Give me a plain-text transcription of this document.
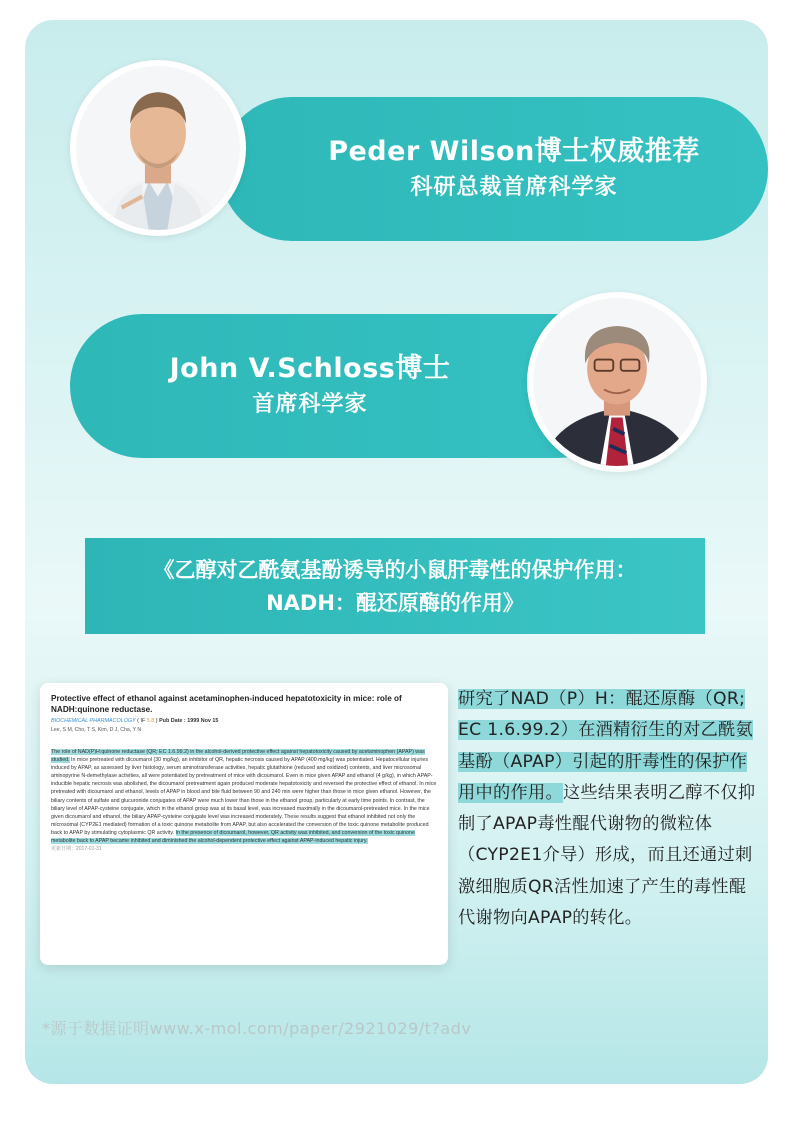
Peder Wilson博士权威推荐
科研总裁首席科学家
John V.Schloss博士
首席科学家
《乙醇对乙酰氨基酚诱导的小鼠肝毒性的保护作用：
NADH：醌还原酶的作用》
Protective effect of ethanol against acetaminophen-induced hepatotoxicity in mice: role of NADH:quinone reductase.
BIOCHEMICAL PHARMACOLOGY ( IF 5.8 ) Pub Date : 1999 Nov 15
Lee, S M, Cho, T S, Kim, D J, Cha, Y N
The role of NAD(P)H:quinone reductase (QR; EC 1.6.99.2) in the alcohol-derived protective effect against hepatotoxicity caused by acetaminophen (APAP) was studied. In mice pretreated with dicoumarol (30 mg/kg), an inhibitor of QR, hepatic necrosis caused by APAP (400 mg/kg) was potentiated. Hepatocellular injuries induced by APAP, as assessed by liver histology, serum aminotransferase activities, hepatic glutathione (reduced and oxidized) contents, and liver microsomal aminopyrine N-demethylase activities, all were potentiated by pretreatment of mice with dicoumarol. Even in mice given APAP and ethanol (4 g/kg), in which APAP-inducible hepatic necrosis was abolished, the dicoumarol pretreatment again produced moderate hepatotoxicity and reversed the protective effect of ethanol. In mice pretreated with dicoumarol and ethanol, levels of APAP in blood and bile fluid between 90 and 240 min were higher than those in mice given ethanol. However, the biliary contents of sulfate and glucuronide conjugates of APAP were much lower than those in the ethanol group, particularly at early time points. In contrast, the biliary level of APAP-cysteine conjugate, which in the ethanol group was at its basal level, was increased maximally in the dicoumarol-pretreated mice. In the mice given dicoumarol and ethanol, the biliary APAP-cysteine conjugate level was increased moderately. These results suggest that ethanol inhibited not only the microsomal (CYP2E1 mediated) formation of a toxic quinone metabolite from APAP, but also accelerated the conversion of the toxic quinone metabolite produced back to APAP by stimulating cytoplasmic QR activity. In the presence of dicoumarol, however, QR activity was inhibited, and conversion of the toxic quinone metabolite back to APAP became inhibited and diminished the alcohol-dependent protective effect against APAP-induced hepatic injury.
更新日期：2017-01-31
研究了NAD（P）H：醌还原酶（QR; EC 1.6.99.2）在酒精衍生的对乙酰氨基酚（APAP）引起的肝毒性的保护作用中的作用。这些结果表明乙醇不仅抑制了APAP毒性醌代谢物的微粒体（CYP2E1介导）形成，而且还通过刺激细胞质QR活性加速了产生的毒性醌代谢物向APAP的转化。
*源于数据证明www.x-mol.com/paper/2921029/t?adv
